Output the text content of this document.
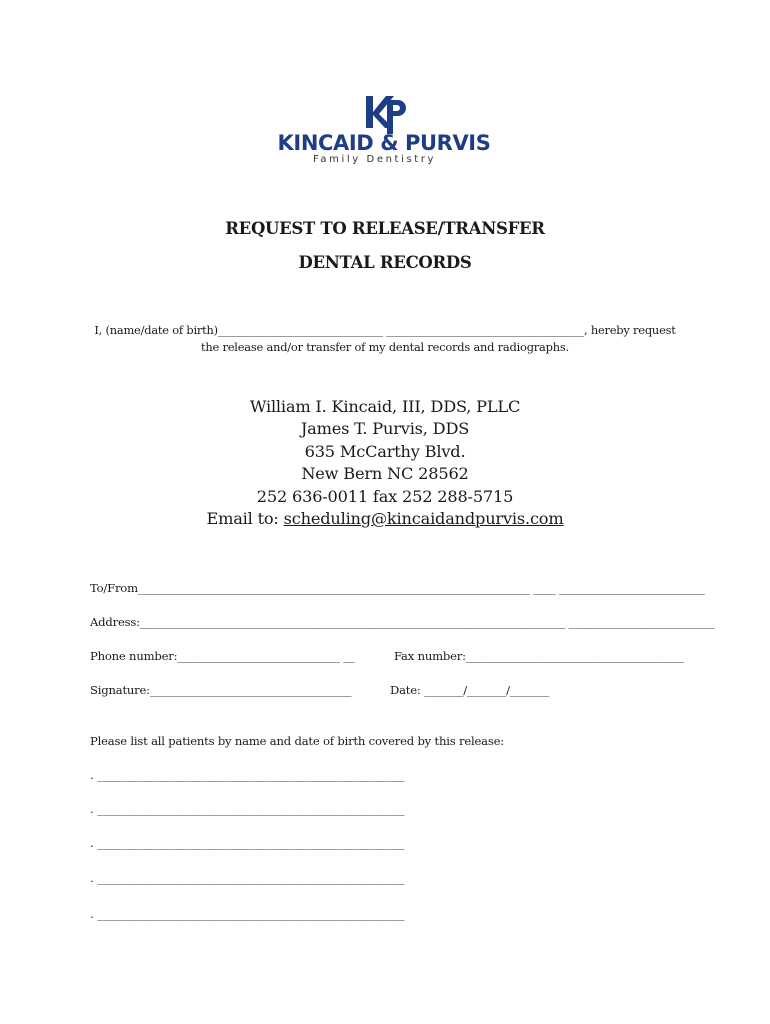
KINCAID & PURVIS
Family Dentistry
REQUEST TO RELEASE/TRANSFER
DENTAL RECORDS
I, (name/date of birth)______________________________ ____________________________________, hereby request
the release and/or transfer of my dental records and radiographs.
William I. Kincaid, III, DDS, PLLC
James T. Purvis, DDS
635 McCarthy Blvd.
New Bern NC 28562
252 636-0011 fax 252 288-5715
Email to: scheduling@kincaidandpurvis.com
To/From______________________________________________________________________ ____ __________________________
Address:____________________________________________________________________________ __________________________
Phone number:_____________________________ __	Fax number:_______________________________________
Signature:____________________________________	Date: _______/_______/_______
Please list all patients by name and date of birth covered by this release:
. _____________________________________________________
. _____________________________________________________
. _____________________________________________________
. _____________________________________________________
. _____________________________________________________
